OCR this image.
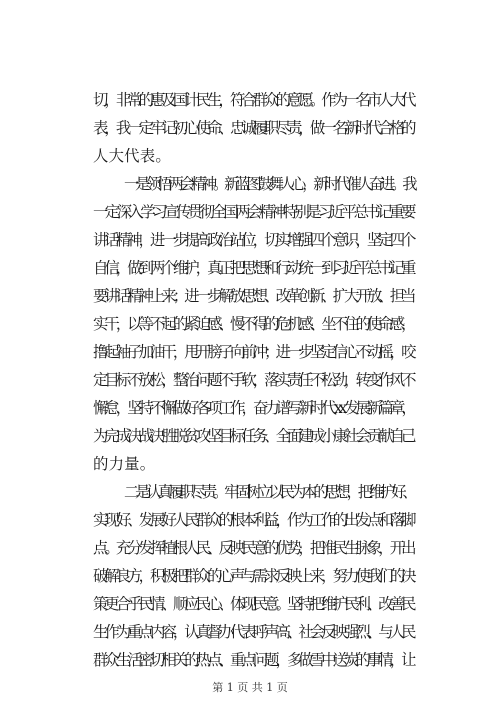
切，非常的惠及国计民生，符合群众的意愿。作为一名市人大代
表，我一定牢记初心使命、忠诚履职尽责，做一名新时代合格的
人大代表。
一是领悟两会精神。新蓝图鼓舞人心，新时代催人奋进。我
一定深入学习宣传贯彻全国两会精神特别是习近平总书记重要
讲话精神，进一步提高政治站位，切实增强四个意识，坚定四个
自信，做到两个维护，真正把思想和行动统一到习近平总书记重
要讲话精神上来；进一步解放思想、改革创新、扩大开放、担当
实干，以等不起的紧迫感、慢不得的危机感、坐不住的使命感，
撸起袖子加油干，甩开膀子向前冲；进一步坚定信心不动摇，咬
定目标不放松，整治问题不手软，落实责任不松劲，转变作风不
懈怠，坚持不懈做好各项工作，奋力谱写新时代 xx 发展新篇章，
为完成决战决胜脱贫攻坚目标任务、全面建成小康社会贡献自己
的力量。
二是认真履职尽责。牢固树立以民为本的思想，把维护好、
实现好、发展好人民群众的根本利益，作为工作的出发点和落脚
点。充分发挥植根人民、反映民意的优势，把准民生脉象，开出
破解良方，积极把群众的心声与需求反映上来，努力使我们的决
策更合乎民情、顺应民心、体现民意。坚持把维护民利、改善民
生作为重点内容，认真督办代表呼声高、社会反映强烈、与人民
群众生活密切相关的热点、重点问题，多做雪中送炭的事情，让
第 1 页 共 1 页
